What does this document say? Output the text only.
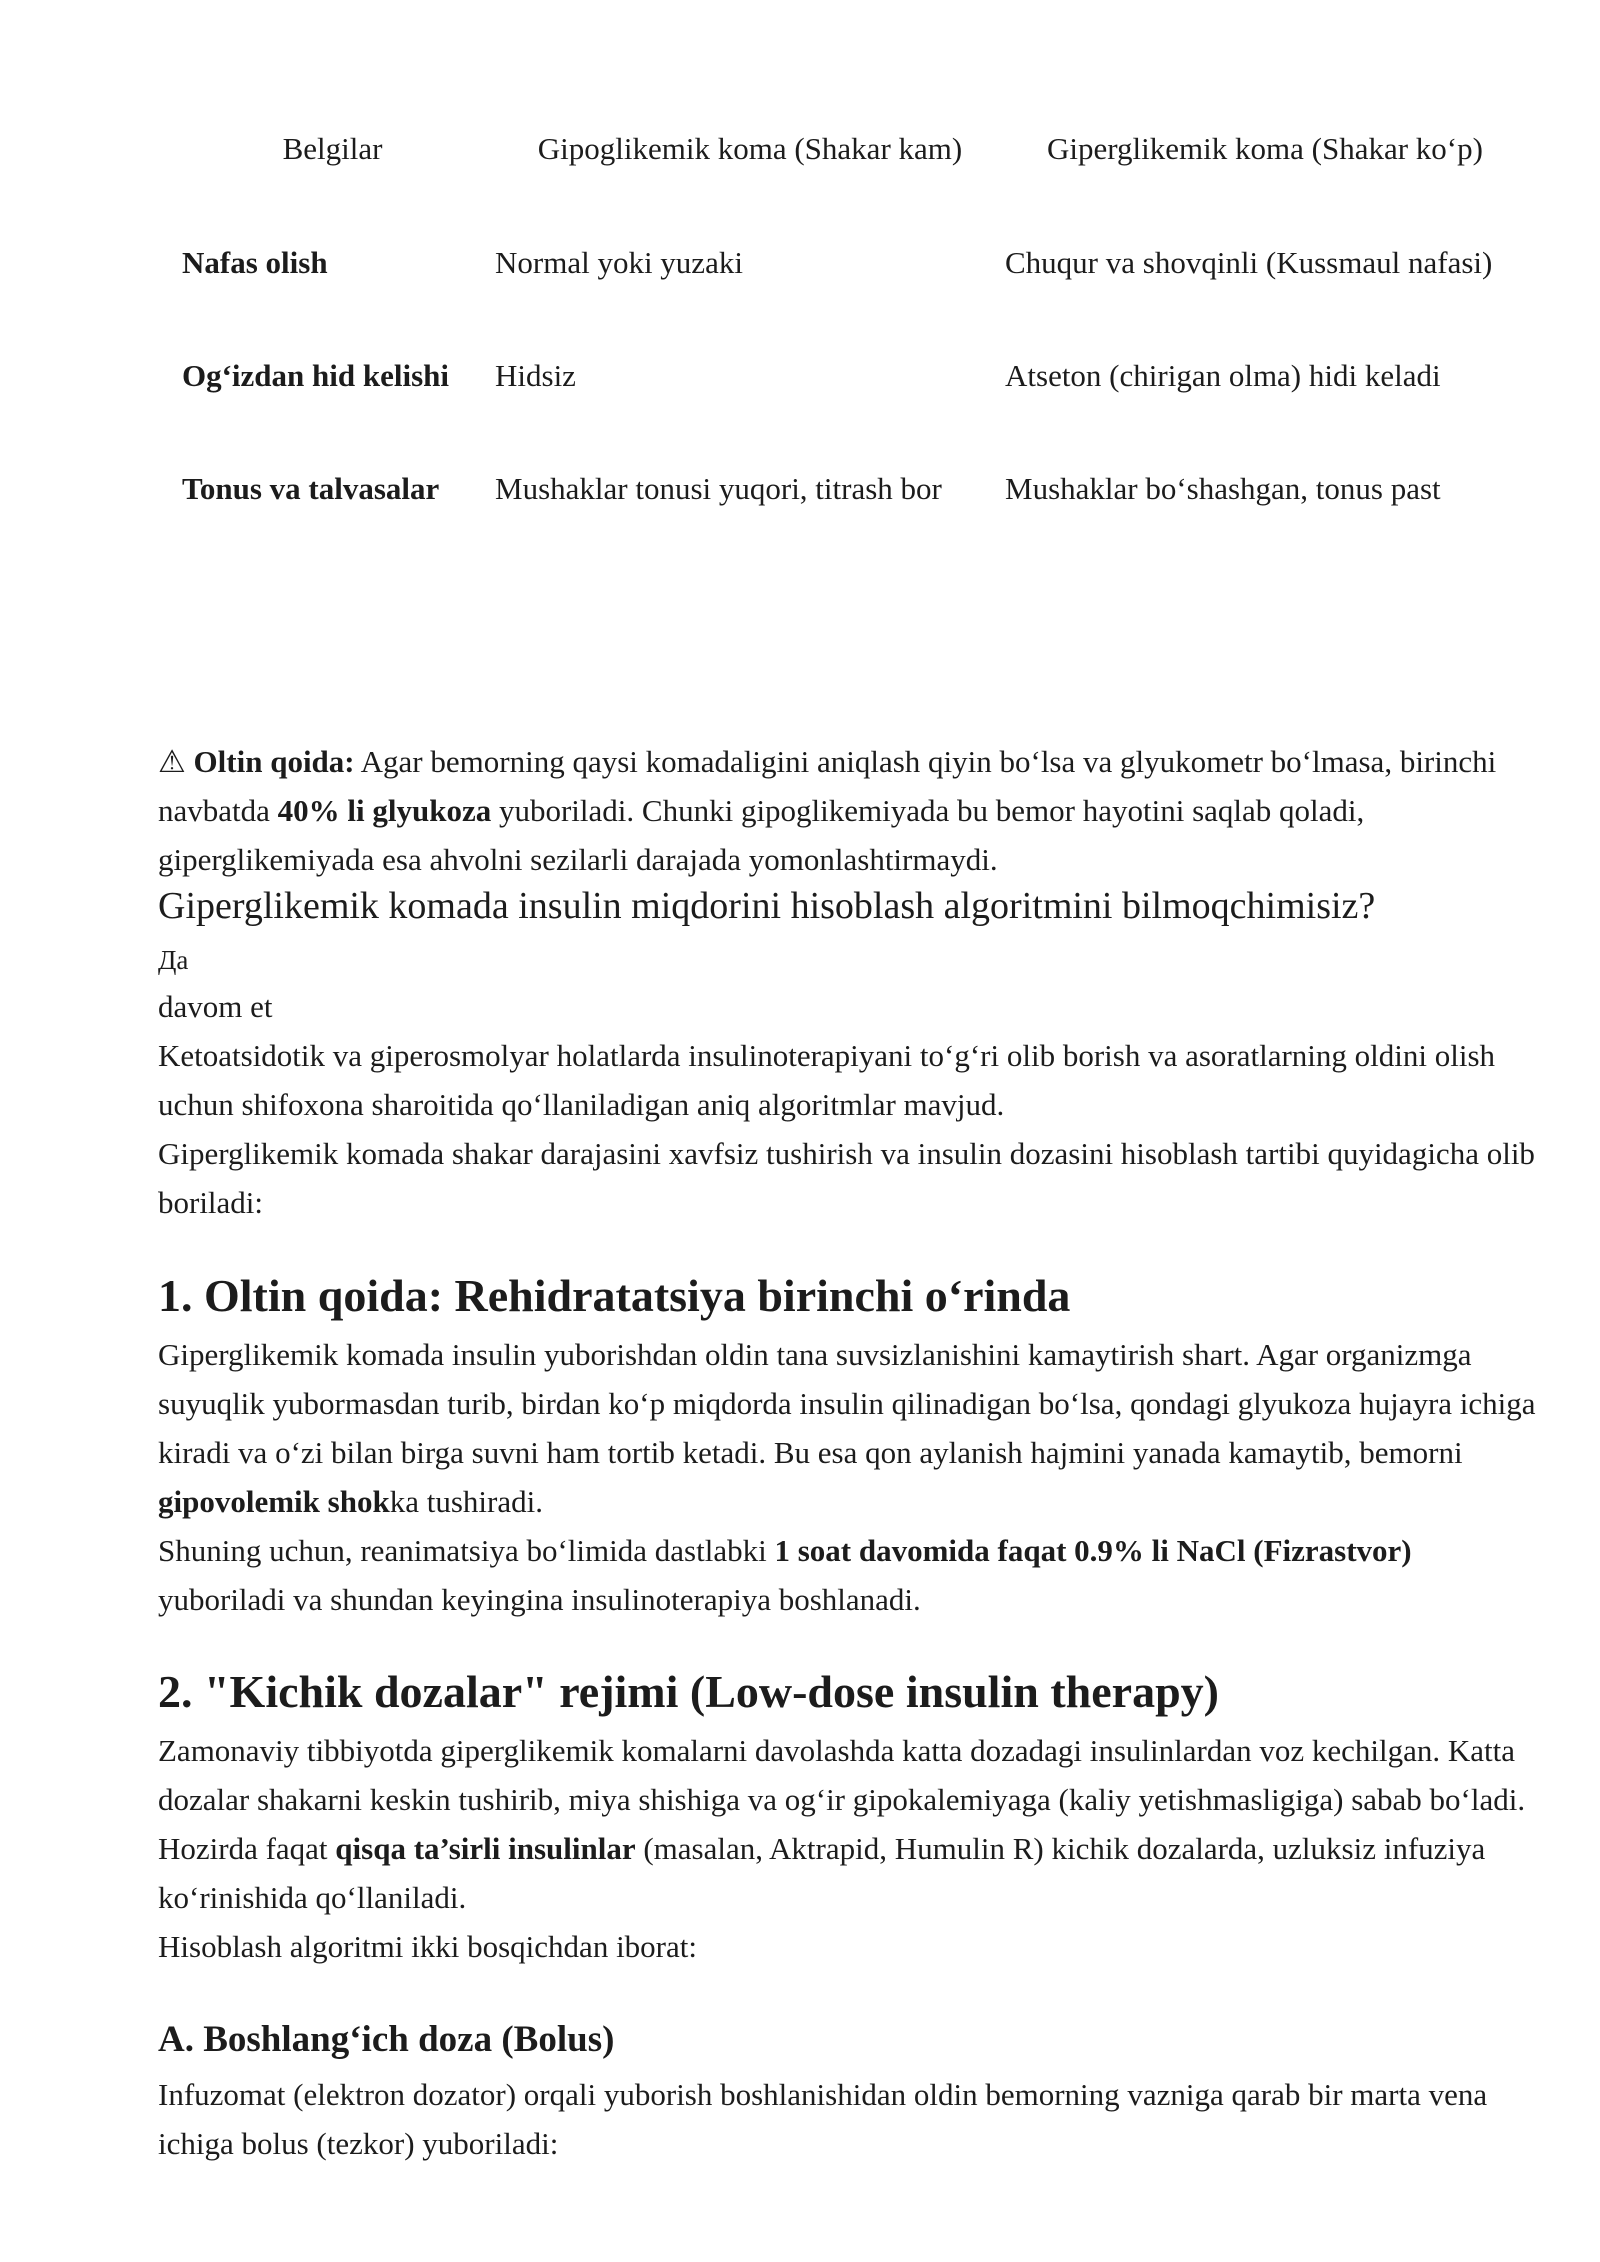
Belgilar	Gipoglikemik koma (Shakar kam)	Giperglikemik koma (Shakar ko‘p)
Nafas olish	Normal yoki yuzaki	Chuqur va shovqinli (Kussmaul nafasi)
Og‘izdan hid kelishi	Hidsiz	Atseton (chirigan olma) hidi keladi
Tonus va talvasalar	Mushaklar tonusi yuqori, titrash bor	Mushaklar bo‘shashgan, tonus past

⚠ Oltin qoida: Agar bemorning qaysi komadaligini aniqlash qiyin bo‘lsa va glyukometr bo‘lmasa, birinchi navbatda 40% li glyukoza yuboriladi. Chunki gipoglikemiyada bu bemor hayotini saqlab qoladi, giperglikemiyada esa ahvolni sezilarli darajada yomonlashtirmaydi.

Giperglikemik komada insulin miqdorini hisoblash algoritmini bilmoqchimisiz?

Да

davom et

Ketoatsidotik va giperosmolyar holatlarda insulinoterapiyani to‘g‘ri olib borish va asoratlarning oldini olish uchun shifoxona sharoitida qo‘llaniladigan aniq algoritmlar mavjud.

Giperglikemik komada shakar darajasini xavfsiz tushirish va insulin dozasini hisoblash tartibi quyidagicha olib boriladi:

1. Oltin qoida: Rehidratatsiya birinchi o‘rinda

Giperglikemik komada insulin yuborishdan oldin tana suvsizlanishini kamaytirish shart. Agar organizmga suyuqlik yubormasdan turib, birdan ko‘p miqdorda insulin qilinadigan bo‘lsa, qondagi glyukoza hujayra ichiga kiradi va o‘zi bilan birga suvni ham tortib ketadi. Bu esa qon aylanish hajmini yanada kamaytib, bemorni gipovolemik shokka tushiradi.

Shuning uchun, reanimatsiya bo‘limida dastlabki 1 soat davomida faqat 0.9% li NaCl (Fizrastvor) yuboriladi va shundan keyingina insulinoterapiya boshlanadi.

2. "Kichik dozalar" rejimi (Low-dose insulin therapy)

Zamonaviy tibbiyotda giperglikemik komalarni davolashda katta dozadagi insulinlardan voz kechilgan. Katta dozalar shakarni keskin tushirib, miya shishiga va og‘ir gipokalemiyaga (kaliy yetishmasligiga) sabab bo‘ladi. Hozirda faqat qisqa ta’sirli insulinlar (masalan, Aktrapid, Humulin R) kichik dozalarda, uzluksiz infuziya ko‘rinishida qo‘llaniladi.

Hisoblash algoritmi ikki bosqichdan iborat:

A. Boshlang‘ich doza (Bolus)

Infuzomat (elektron dozator) orqali yuborish boshlanishidan oldin bemorning vazniga qarab bir marta vena ichiga bolus (tezkor) yuboriladi:
